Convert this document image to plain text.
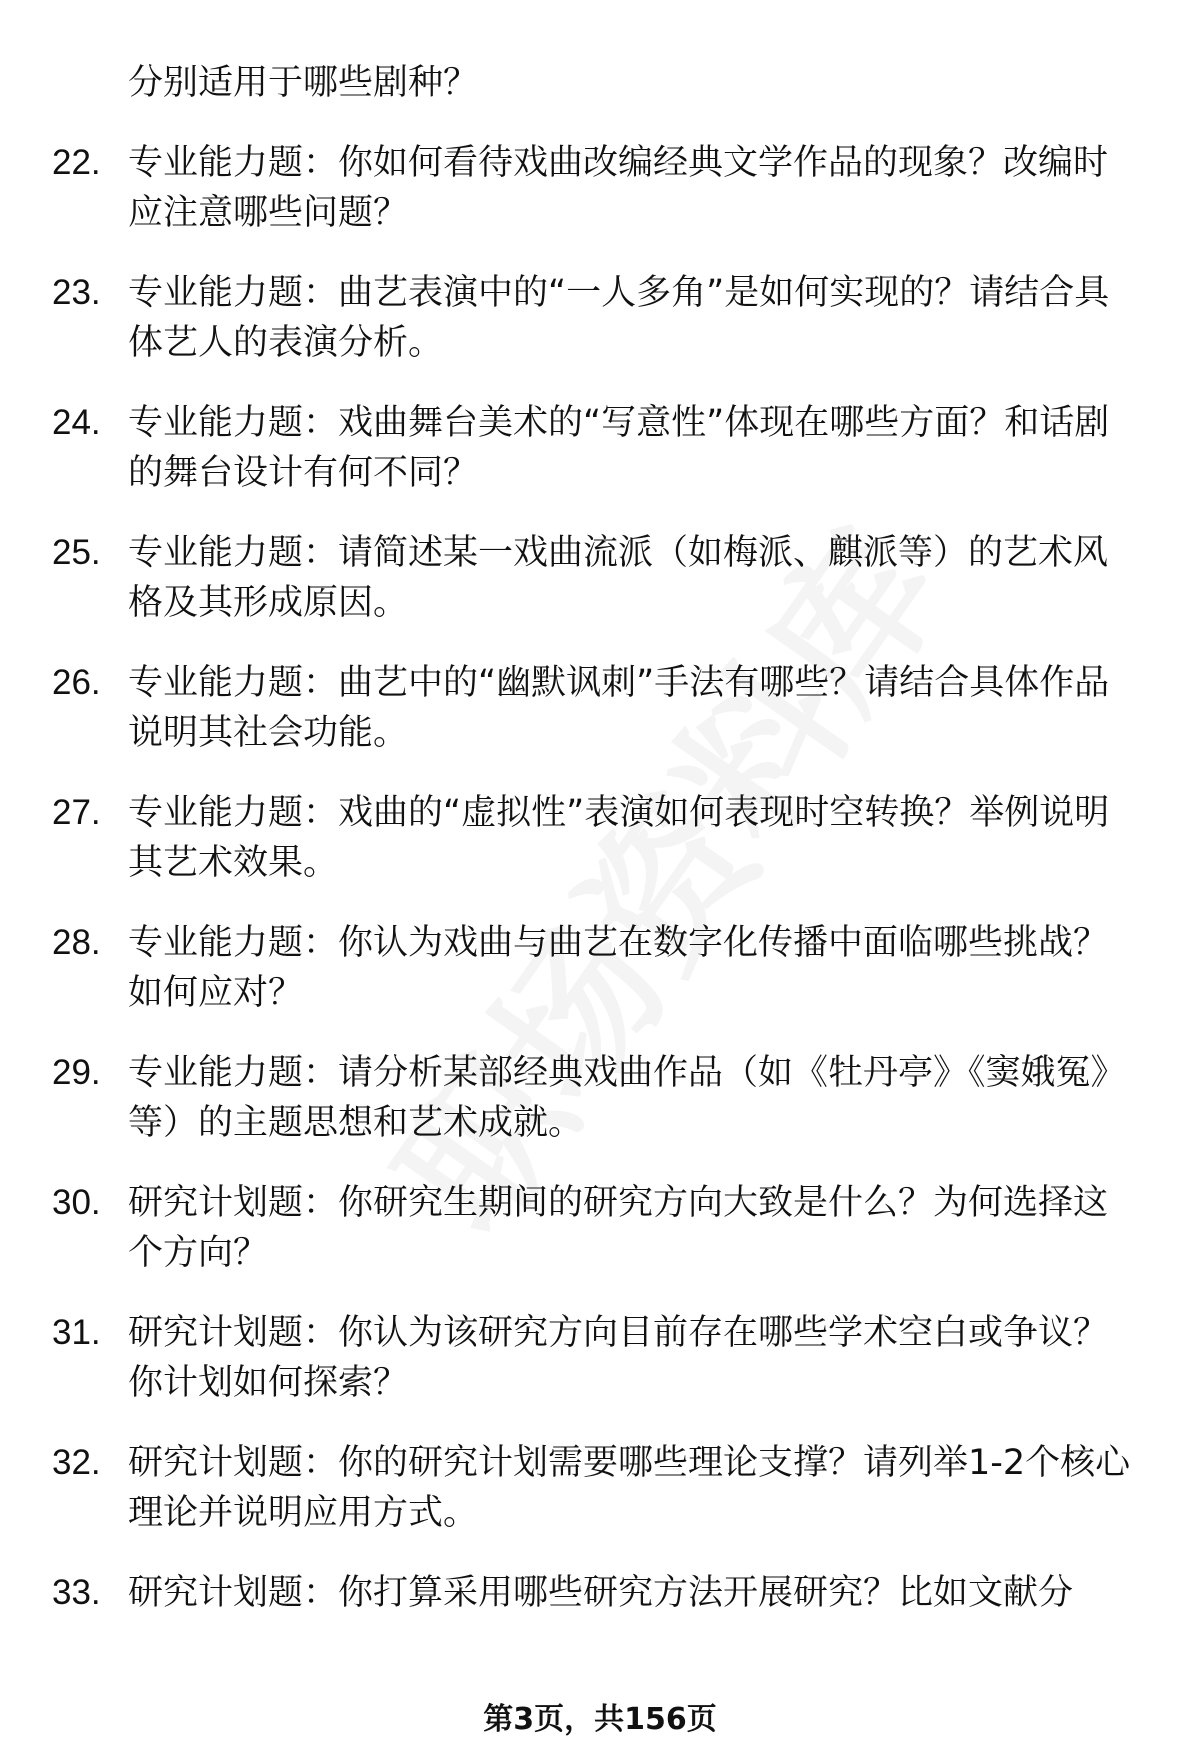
分别适用于哪些剧种？
22. 专业能力题：你如何看待戏曲改编经典文学作品的现象？改编时应注意哪些问题？
23. 专业能力题：曲艺表演中的“一人多角”是如何实现的？请结合具体艺人的表演分析。
24. 专业能力题：戏曲舞台美术的“写意性”体现在哪些方面？和话剧的舞台设计有何不同？
25. 专业能力题：请简述某一戏曲流派（如梅派、麒派等）的艺术风格及其形成原因。
26. 专业能力题：曲艺中的“幽默讽刺”手法有哪些？请结合具体作品说明其社会功能。
27. 专业能力题：戏曲的“虚拟性”表演如何表现时空转换？举例说明其艺术效果。
28. 专业能力题：你认为戏曲与曲艺在数字化传播中面临哪些挑战？如何应对？
29. 专业能力题：请分析某部经典戏曲作品（如《牡丹亭》《窦娥冤》等）的主题思想和艺术成就。
30. 研究计划题：你研究生期间的研究方向大致是什么？为何选择这个方向？
31. 研究计划题：你认为该研究方向目前存在哪些学术空白或争议？你计划如何探索？
32. 研究计划题：你的研究计划需要哪些理论支撑？请列举1-2个核心理论并说明应用方式。
33. 研究计划题：你打算采用哪些研究方法开展研究？比如文献分
第3页，共156页
